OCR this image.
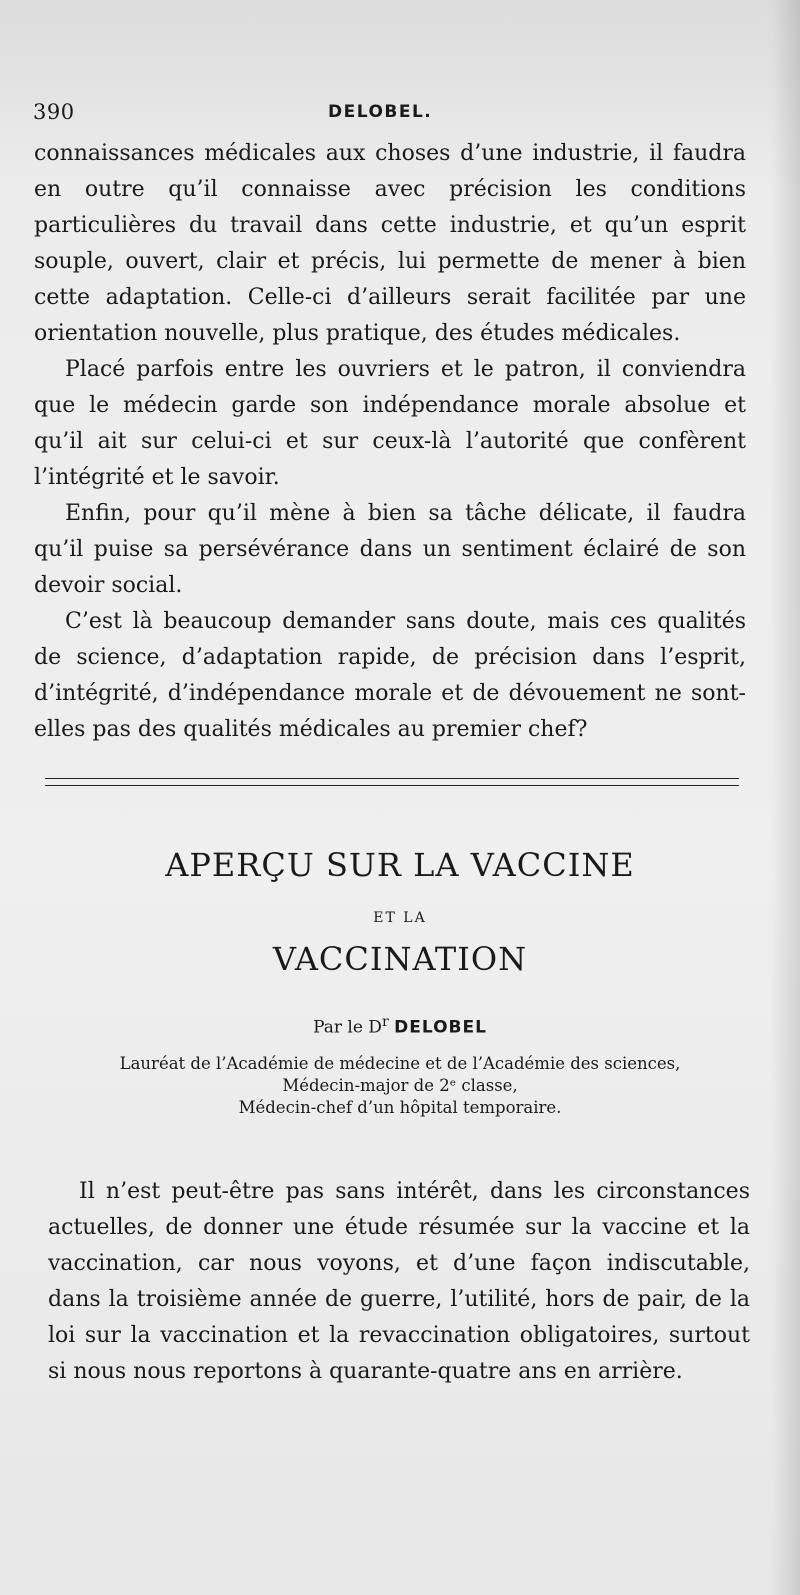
390	DELOBEL.

connaissances médicales aux choses d’une industrie, il faudra en outre qu’il connaisse avec précision les conditions particulières du travail dans cette industrie, et qu’un esprit souple, ouvert, clair et précis, lui permette de mener à bien cette adaptation. Celle-ci d’ailleurs serait facilitée par une orientation nouvelle, plus pratique, des études médicales.

Placé parfois entre les ouvriers et le patron, il conviendra que le médecin garde son indépendance morale absolue et qu’il ait sur celui-ci et sur ceux-là l’autorité que confèrent l’intégrité et le savoir.

Enfin, pour qu’il mène à bien sa tâche délicate, il faudra qu’il puise sa persévérance dans un sentiment éclairé de son devoir social.

C’est là beaucoup demander sans doute, mais ces qualités de science, d’adaptation rapide, de précision dans l’esprit, d’intégrité, d’indépendance morale et de dévouement ne sont-elles pas des qualités médicales au premier chef?

APERÇU SUR LA VACCINE
ET LA
VACCINATION
Par le $D^r$ DELOBEL
Lauréat de l’Académie de médecine et de l’Académie des sciences,
Médecin-major de 2ᵉ classe,
Médecin-chef d’un hôpital temporaire.

Il n’est peut-être pas sans intérêt, dans les circonstances actuelles, de donner une étude résumée sur la vaccine et la vaccination, car nous voyons, et d’une façon indiscutable, dans la troisième année de guerre, l’utilité, hors de pair, de la loi sur la vaccination et la revaccination obligatoires, surtout si nous nous reportons à quarante-quatre ans en arrière.
